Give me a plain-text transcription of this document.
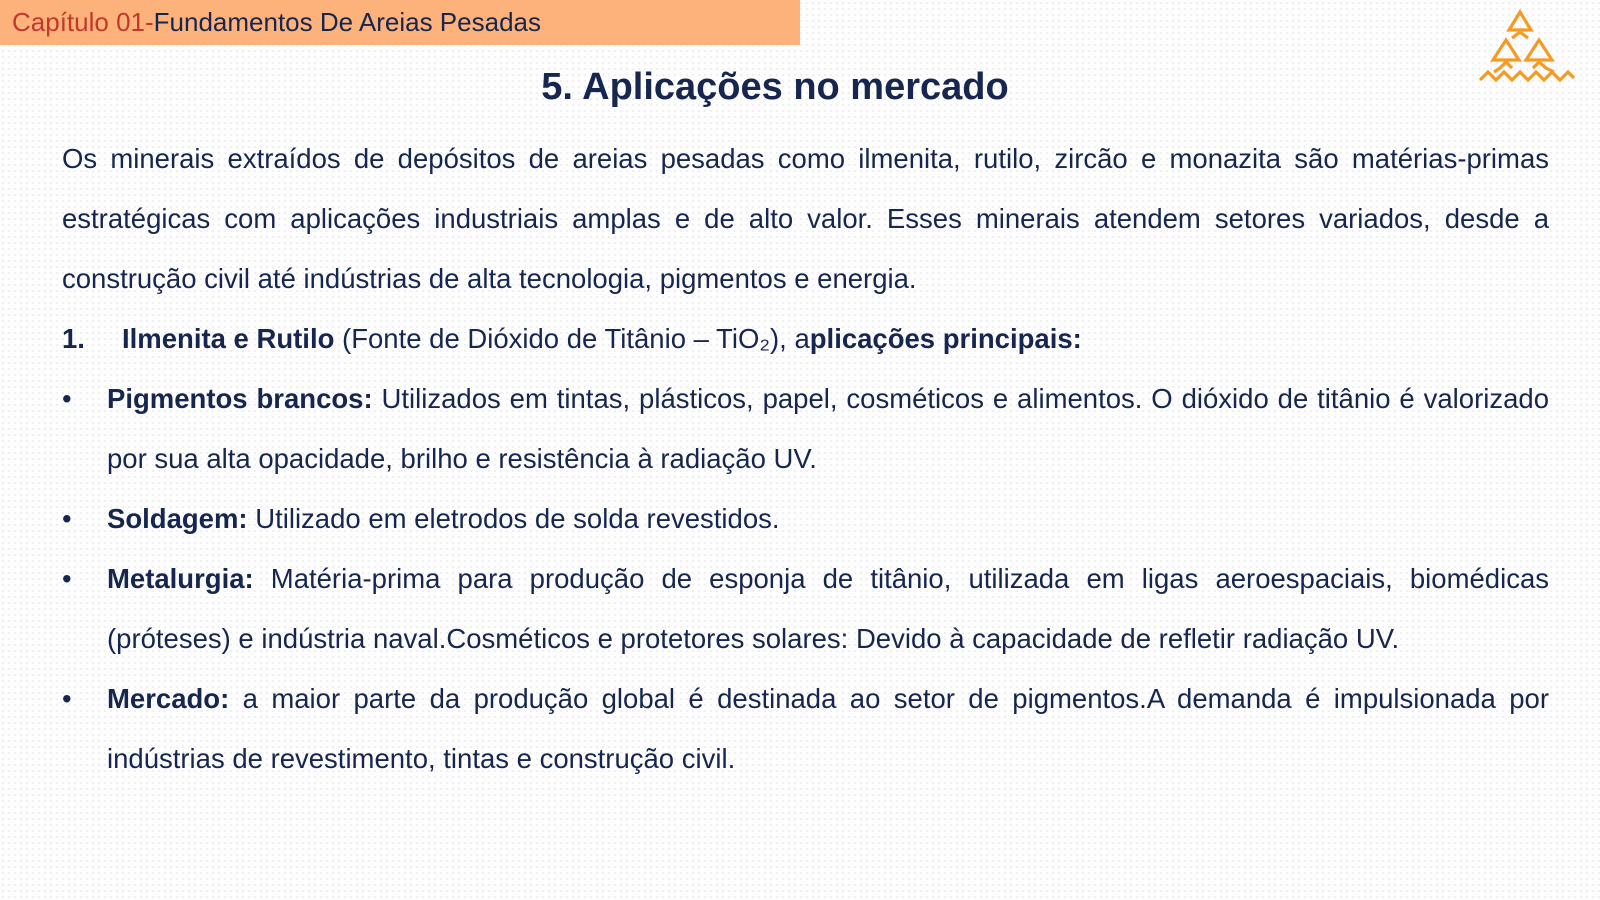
Capítulo 01- Fundamentos De Areias Pesadas
5. Aplicações no mercado

Os minerais extraídos de depósitos de areias pesadas como ilmenita, rutilo, zircão e monazita são matérias-primas estratégicas com aplicações industriais amplas e de alto valor. Esses minerais atendem setores variados, desde a construção civil até indústrias de alta tecnologia, pigmentos e energia.

1.	Ilmenita e Rutilo (Fonte de Dióxido de Titânio – TiO₂), aplicações principais:
• Pigmentos brancos: Utilizados em tintas, plásticos, papel, cosméticos e alimentos. O dióxido de titânio é valorizado por sua alta opacidade, brilho e resistência à radiação UV.
• Soldagem: Utilizado em eletrodos de solda revestidos.
• Metalurgia: Matéria-prima para produção de esponja de titânio, utilizada em ligas aeroespaciais, biomédicas (próteses) e indústria naval.Cosméticos e protetores solares: Devido à capacidade de refletir radiação UV.
• Mercado: a maior parte da produção global é destinada ao setor de pigmentos.A demanda é impulsionada por indústrias de revestimento, tintas e construção civil.
